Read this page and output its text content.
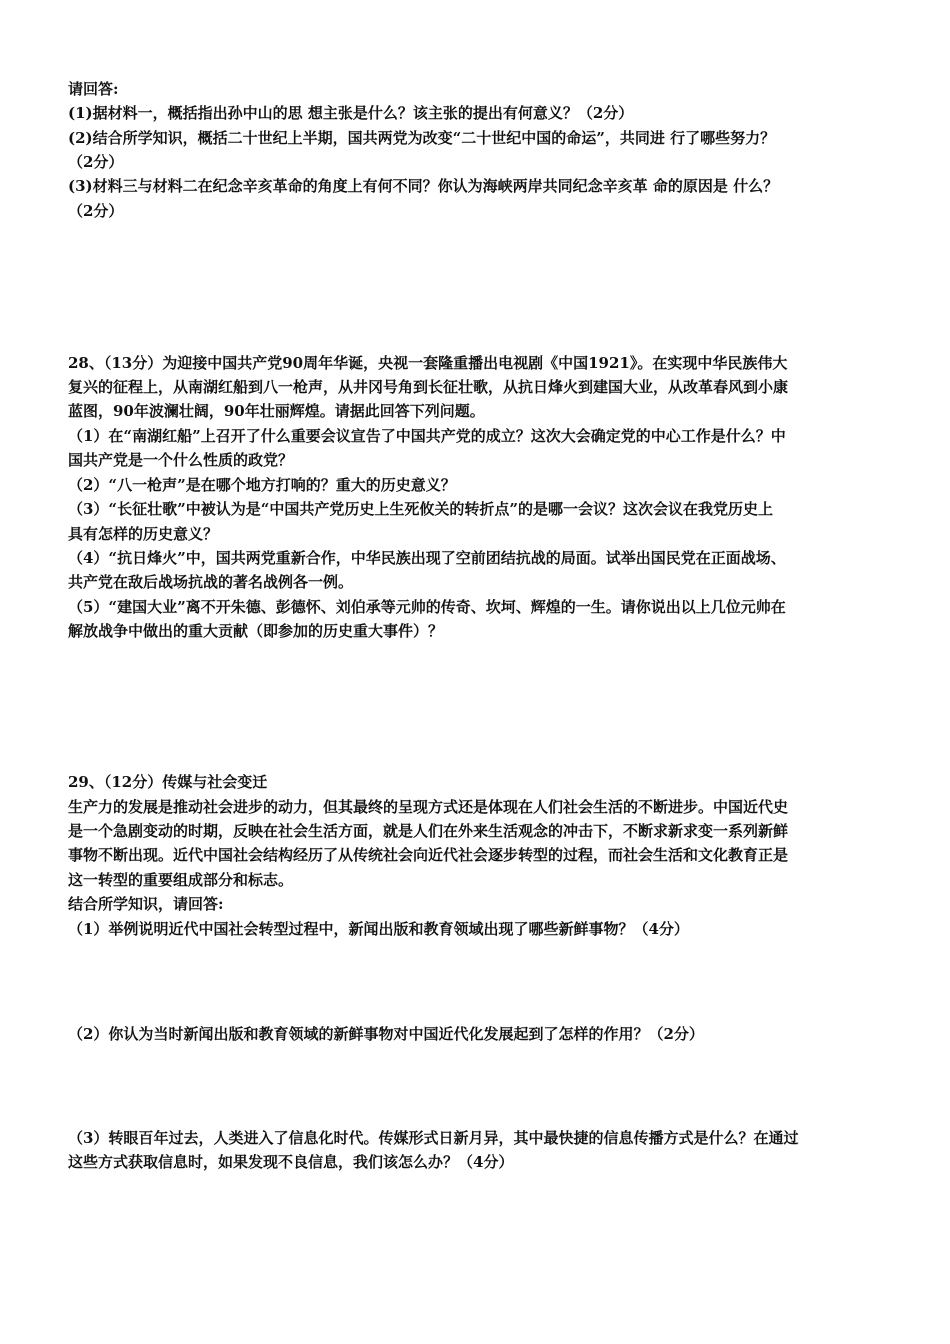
请回答:
(1)据材料一，概括指出孙中山的思 想主张是什么？该主张的提出有何意义？（2分）
(2)结合所学知识，概括二十世纪上半期，国共两党为改变“二十世纪中国的命运”，共同进 行了哪些努力？
（2分）
(3)材料三与材料二在纪念辛亥革命的角度上有何不同？你认为海峡两岸共同纪念辛亥革 命的原因是 什么？
（2分）
28、（13分）为迎接中国共产党90周年华诞，央视一套隆重播出电视剧《中国1921》。在实现中华民族伟大
复兴的征程上，从南湖红船到八一枪声，从井冈号角到长征壮歌，从抗日烽火到建国大业，从改革春风到小康
蓝图，90年波澜壮阔，90年壮丽辉煌。请据此回答下列问题。
（1）在“南湖红船”上召开了什么重要会议宣告了中国共产党的成立？这次大会确定党的中心工作是什么？中
国共产党是一个什么性质的政党？
（2）“八一枪声”是在哪个地方打响的？重大的历史意义？
（3）“长征壮歌”中被认为是“中国共产党历史上生死攸关的转折点”的是哪一会议？这次会议在我党历史上
具有怎样的历史意义？
（4）“抗日烽火”中，国共两党重新合作，中华民族出现了空前团结抗战的局面。试举出国民党在正面战场、
共产党在敌后战场抗战的著名战例各一例。
（5）“建国大业”离不开朱德、彭德怀、刘伯承等元帅的传奇、坎坷、辉煌的一生。请你说出以上几位元帅在
解放战争中做出的重大贡献（即参加的历史重大事件）？
29、（12分）传媒与社会变迁
生产力的发展是推动社会进步的动力，但其最终的呈现方式还是体现在人们社会生活的不断进步。中国近代史
是一个急剧变动的时期，反映在社会生活方面，就是人们在外来生活观念的冲击下，不断求新求变一系列新鲜
事物不断出现。近代中国社会结构经历了从传统社会向近代社会逐步转型的过程，而社会生活和文化教育正是
这一转型的重要组成部分和标志。
结合所学知识，请回答:
（1）举例说明近代中国社会转型过程中，新闻出版和教育领域出现了哪些新鲜事物？（4分）
（2）你认为当时新闻出版和教育领域的新鲜事物对中国近代化发展起到了怎样的作用？（2分）
（3）转眼百年过去，人类进入了信息化时代。传媒形式日新月异，其中最快捷的信息传播方式是什么？在通过
这些方式获取信息时，如果发现不良信息，我们该怎么办？（4分）
